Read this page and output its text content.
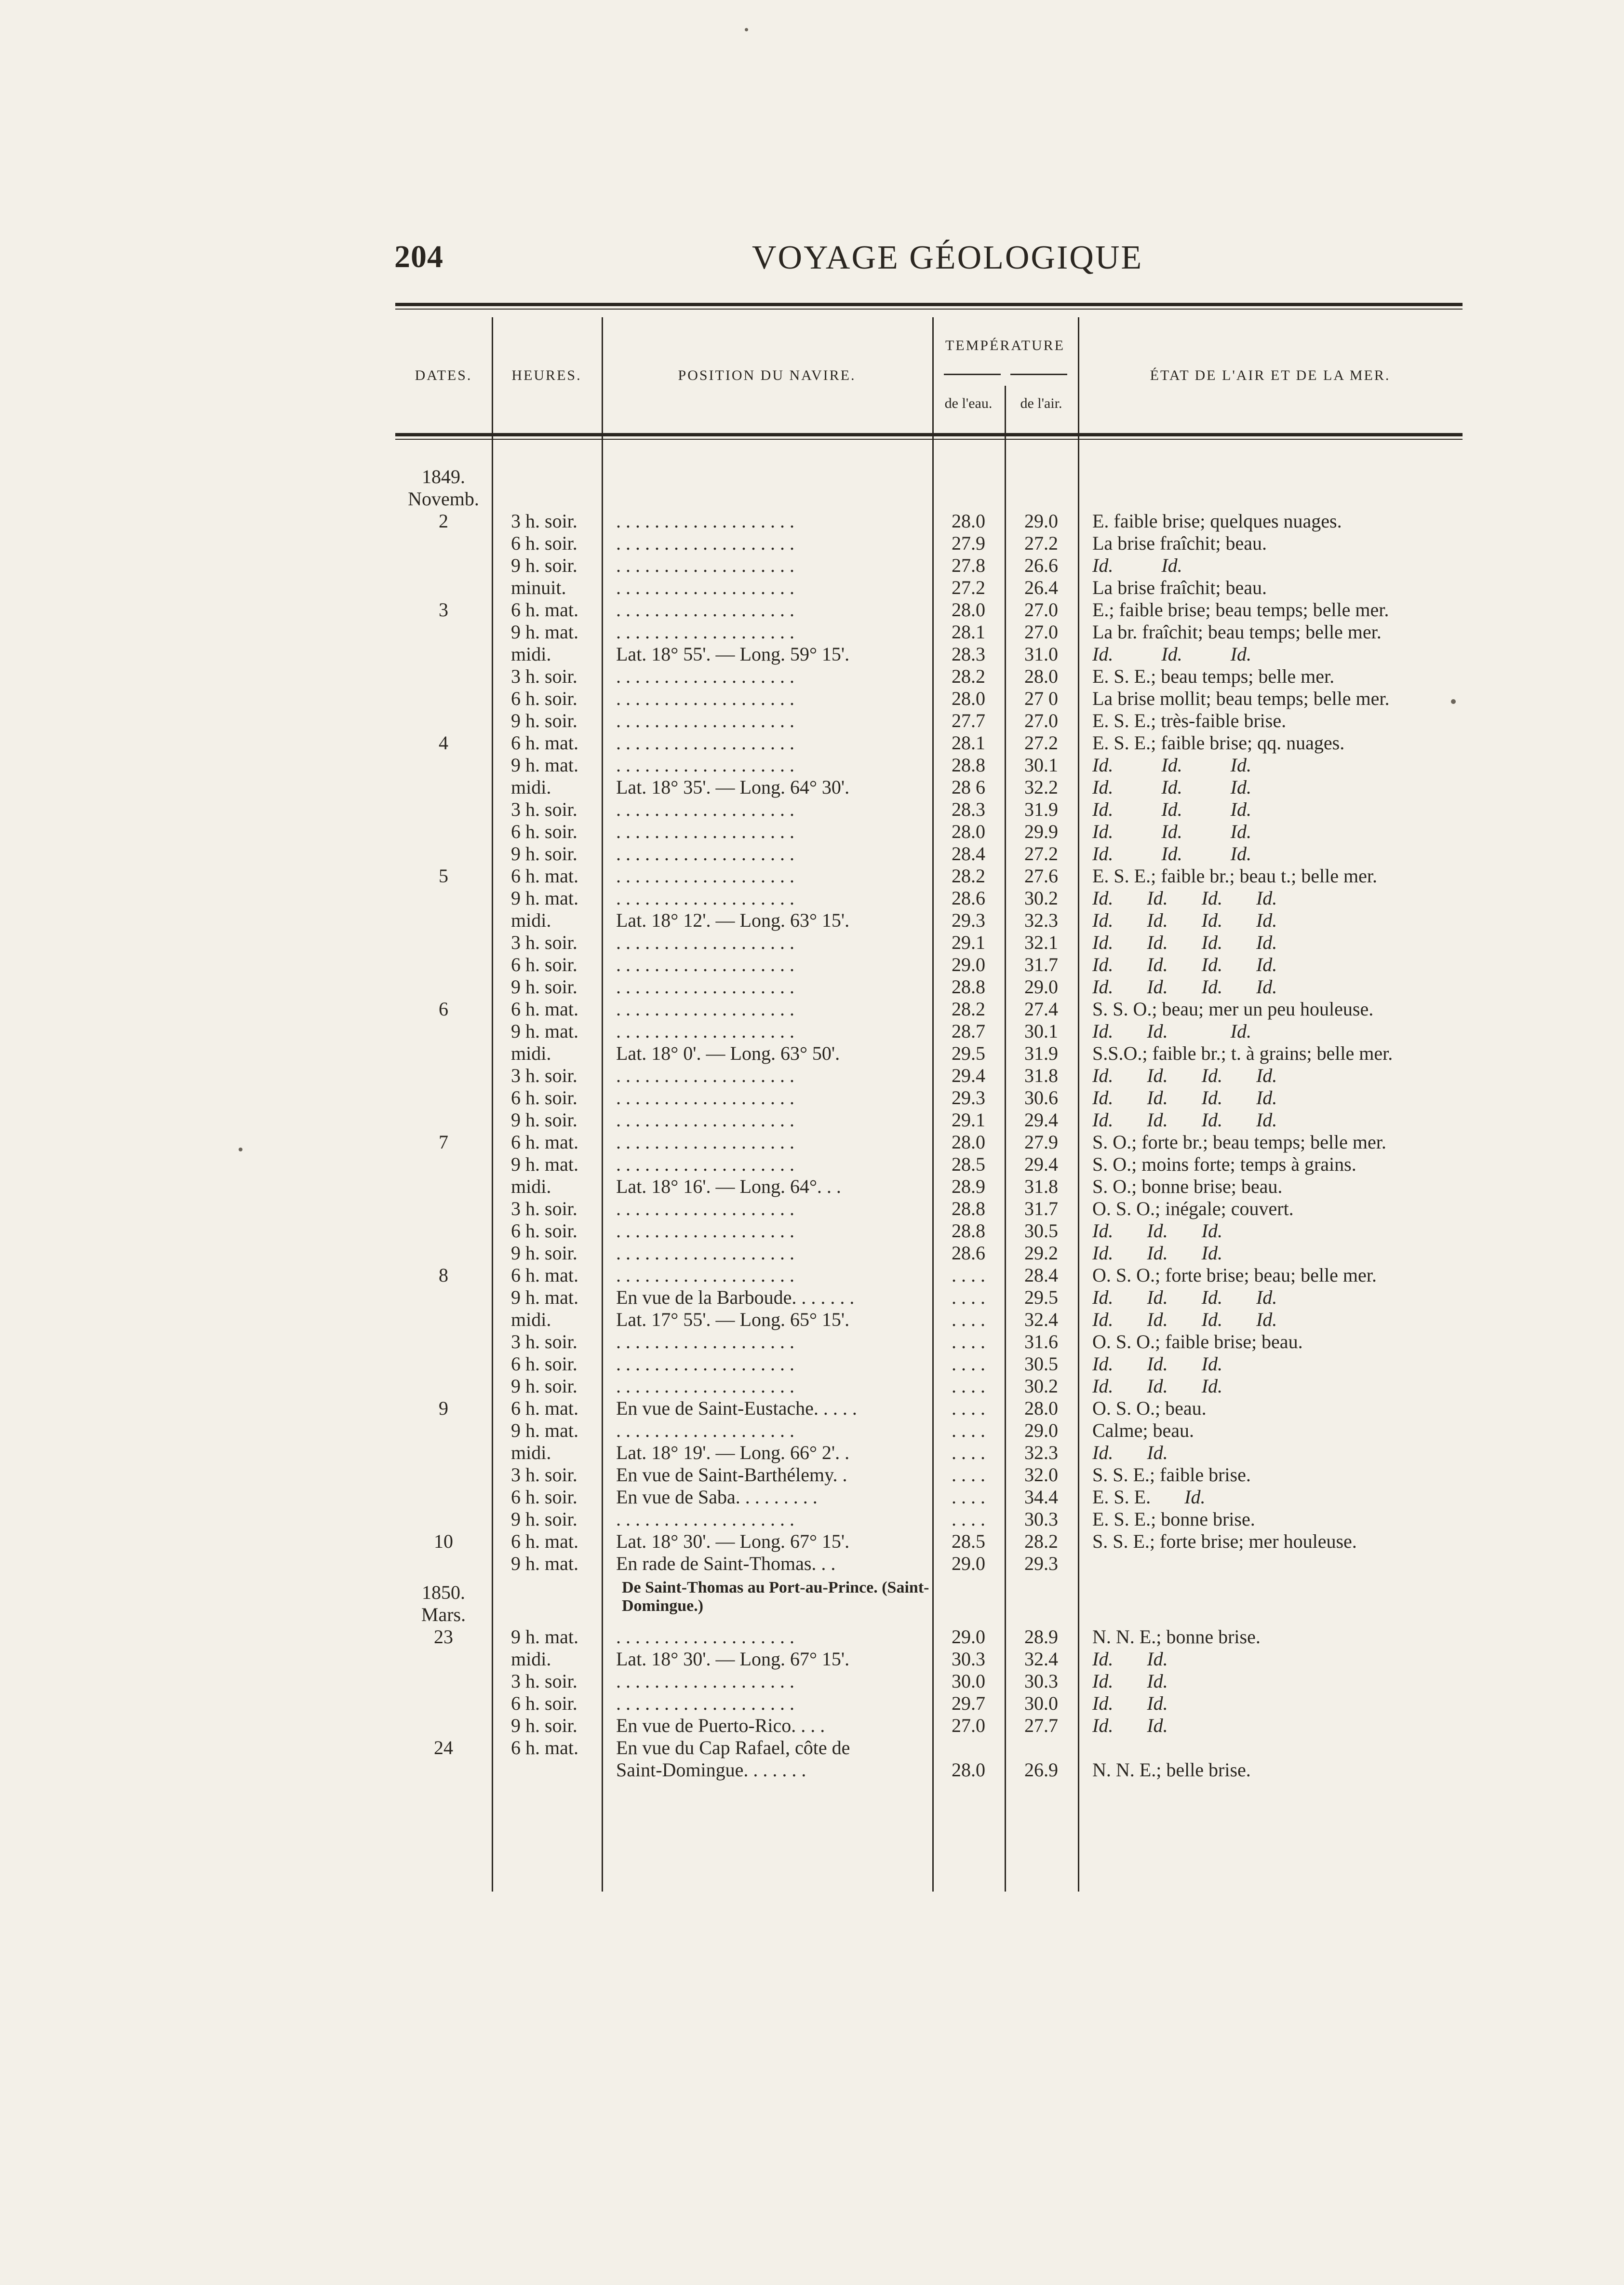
204	VOYAGE GÉOLOGIQUE
DATES.	HEURES.	POSITION DU NAVIRE.
TEMPÉRATURE
de l'eau.	de l'air.
ÉTAT DE L'AIR ET DE LA MER.
1849.					
Novemb.					
2	3 h. soir.	. . . . . . . . . . . . . . . . . . .	28.0	29.0	E. faible brise; quelques nuages.
	6 h. soir.	. . . . . . . . . . . . . . . . . . .	27.9	27.2	La brise fraîchit; beau.
	9 h. soir.	. . . . . . . . . . . . . . . . . . .	27.8	26.6	Id. Id.
	minuit.	. . . . . . . . . . . . . . . . . . .	27.2	26.4	La brise fraîchit; beau.
3	6 h. mat.	. . . . . . . . . . . . . . . . . . .	28.0	27.0	E.; faible brise; beau temps; belle mer.
	9 h. mat.	. . . . . . . . . . . . . . . . . . .	28.1	27.0	La br. fraîchit; beau temps; belle mer.
	midi.	Lat. 18° 55'. — Long. 59° 15'.	28.3	31.0	Id. Id. Id.
	3 h. soir.	. . . . . . . . . . . . . . . . . . .	28.2	28.0	E. S. E.; beau temps; belle mer.
	6 h. soir.	. . . . . . . . . . . . . . . . . . .	28.0	27 0	La brise mollit; beau temps; belle mer.
	9 h. soir.	. . . . . . . . . . . . . . . . . . .	27.7	27.0	E. S. E.; très-faible brise.
4	6 h. mat.	. . . . . . . . . . . . . . . . . . .	28.1	27.2	E. S. E.; faible brise; qq. nuages.
	9 h. mat.	. . . . . . . . . . . . . . . . . . .	28.8	30.1	Id. Id. Id.
	midi.	Lat. 18° 35'. — Long. 64° 30'.	28 6	32.2	Id. Id. Id.
	3 h. soir.	. . . . . . . . . . . . . . . . . . .	28.3	31.9	Id. Id. Id.
	6 h. soir.	. . . . . . . . . . . . . . . . . . .	28.0	29.9	Id. Id. Id.
	9 h. soir.	. . . . . . . . . . . . . . . . . . .	28.4	27.2	Id. Id. Id.
5	6 h. mat.	. . . . . . . . . . . . . . . . . . .	28.2	27.6	E. S. E.; faible br.; beau t.; belle mer.
	9 h. mat.	. . . . . . . . . . . . . . . . . . .	28.6	30.2	Id. Id. Id. Id.
	midi.	Lat. 18° 12'. — Long. 63° 15'.	29.3	32.3	Id. Id. Id. Id.
	3 h. soir.	. . . . . . . . . . . . . . . . . . .	29.1	32.1	Id. Id. Id. Id.
	6 h. soir.	. . . . . . . . . . . . . . . . . . .	29.0	31.7	Id. Id. Id. Id.
	9 h. soir.	. . . . . . . . . . . . . . . . . . .	28.8	29.0	Id. Id. Id. Id.
6	6 h. mat.	. . . . . . . . . . . . . . . . . . .	28.2	27.4	S. S. O.; beau; mer un peu houleuse.
	9 h. mat.	. . . . . . . . . . . . . . . . . . .	28.7	30.1	Id. Id. Id.
	midi.	Lat. 18° 0'. — Long. 63° 50'.	29.5	31.9	S.S.O.; faible br.; t. à grains; belle mer.
	3 h. soir.	. . . . . . . . . . . . . . . . . . .	29.4	31.8	Id. Id. Id. Id.
	6 h. soir.	. . . . . . . . . . . . . . . . . . .	29.3	30.6	Id. Id. Id. Id.
	9 h. soir.	. . . . . . . . . . . . . . . . . . .	29.1	29.4	Id. Id. Id. Id.
7	6 h. mat.	. . . . . . . . . . . . . . . . . . .	28.0	27.9	S. O.; forte br.; beau temps; belle mer.
	9 h. mat.	. . . . . . . . . . . . . . . . . . .	28.5	29.4	S. O.; moins forte; temps à grains.
	midi.	Lat. 18° 16'. — Long. 64°. . .	28.9	31.8	S. O.; bonne brise; beau.
	3 h. soir.	. . . . . . . . . . . . . . . . . . .	28.8	31.7	O. S. O.; inégale; couvert.
	6 h. soir.	. . . . . . . . . . . . . . . . . . .	28.8	30.5	Id. Id. Id.
	9 h. soir.	. . . . . . . . . . . . . . . . . . .	28.6	29.2	Id. Id. Id.
8	6 h. mat.	. . . . . . . . . . . . . . . . . . .	. . . .	28.4	O. S. O.; forte brise; beau; belle mer.
	9 h. mat.	En vue de la Barboude. . . . . . .	. . . .	29.5	Id. Id. Id. Id.
	midi.	Lat. 17° 55'. — Long. 65° 15'.	. . . .	32.4	Id. Id. Id. Id.
	3 h. soir.	. . . . . . . . . . . . . . . . . . .	. . . .	31.6	O. S. O.; faible brise; beau.
	6 h. soir.	. . . . . . . . . . . . . . . . . . .	. . . .	30.5	Id. Id. Id.
	9 h. soir.	. . . . . . . . . . . . . . . . . . .	. . . .	30.2	Id. Id. Id.
9	6 h. mat.	En vue de Saint-Eustache. . . . .	. . . .	28.0	O. S. O.; beau.
	9 h. mat.	. . . . . . . . . . . . . . . . . . .	. . . .	29.0	Calme; beau.
	midi.	Lat. 18° 19'. — Long. 66° 2'. .	. . . .	32.3	Id. Id.
	3 h. soir.	En vue de Saint-Barthélemy. .	. . . .	32.0	S. S. E.; faible brise.
	6 h. soir.	En vue de Saba. . . . . . . . .	. . . .	34.4	E. S. E.       Id.
	9 h. soir.	. . . . . . . . . . . . . . . . . . .	. . . .	30.3	E. S. E.; bonne brise.
10	6 h. mat.	Lat. 18° 30'. — Long. 67° 15'.	28.5	28.2	S. S. E.; forte brise; mer houleuse.
	9 h. mat.	En rade de Saint-Thomas. . .	29.0	29.3	
1850.		De Saint-Thomas au Port-au-Prince. (Saint-Domingue.)			
Mars.					
23	9 h. mat.	. . . . . . . . . . . . . . . . . . .	29.0	28.9	N. N. E.; bonne brise.
	midi.	Lat. 18° 30'. — Long. 67° 15'.	30.3	32.4	Id. Id.
	3 h. soir.	. . . . . . . . . . . . . . . . . . .	30.0	30.3	Id. Id.
	6 h. soir.	. . . . . . . . . . . . . . . . . . .	29.7	30.0	Id. Id.
	9 h. soir.	En vue de Puerto-Rico. . . .	27.0	27.7	Id. Id.
24	6 h. mat.	En vue du Cap Rafael, côte de			
		Saint-Domingue. . . . . . .	28.0	26.9	N. N. E.; belle brise.
